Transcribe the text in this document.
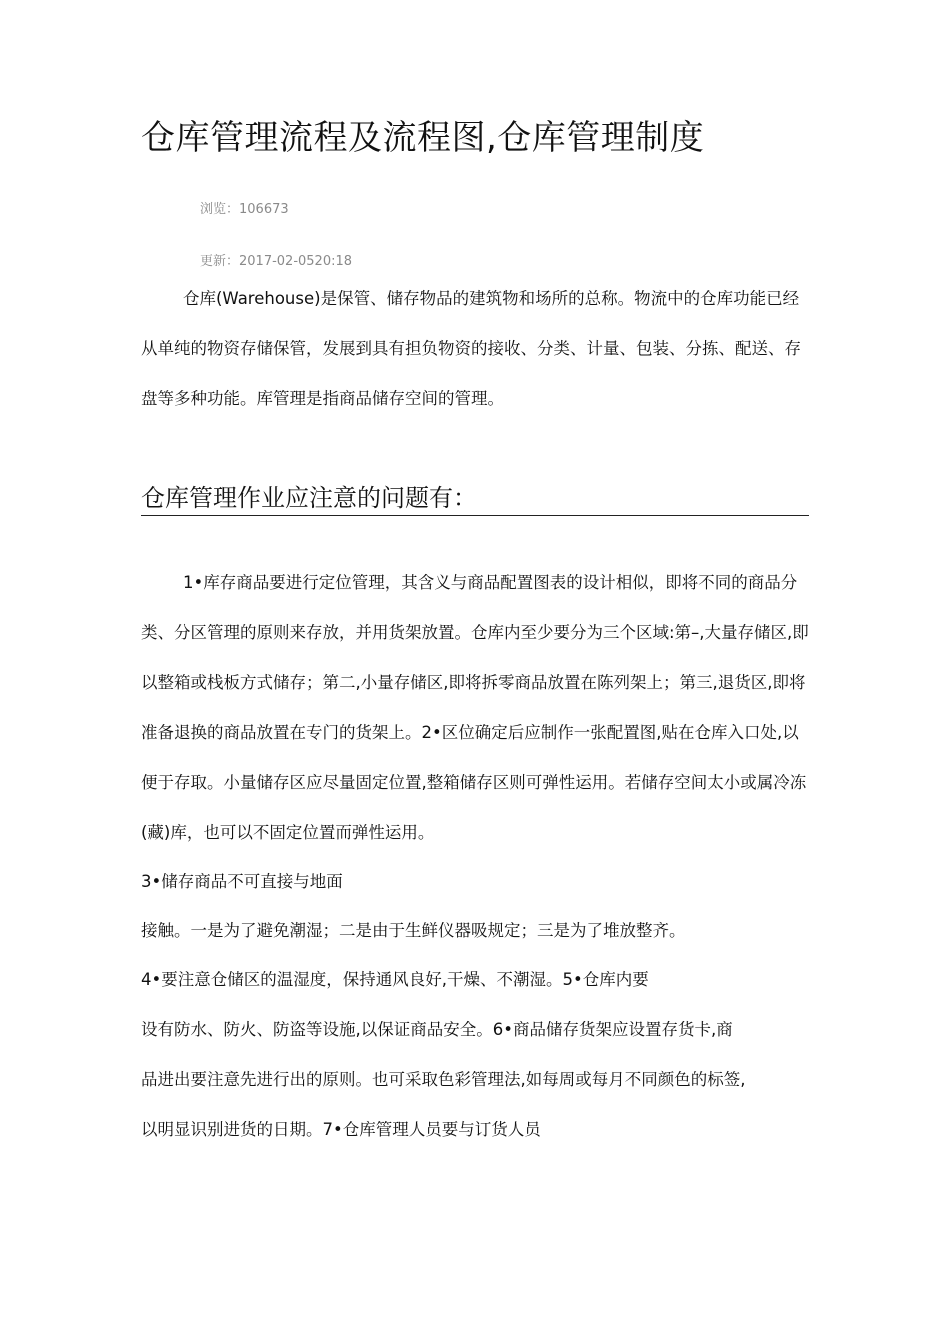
仓库管理流程及流程图,仓库管理制度
浏览：106673
更新：2017-02-0520:18

仓库(Warehouse)是保管、储存物品的建筑物和场所的总称。物流中的仓库功能已经从单纯的物资存储保管，发展到具有担负物资的接收、分类、计量、包装、分拣、配送、存盘等多种功能。库管理是指商品储存空间的管理。

仓库管理作业应注意的问题有：

1•库存商品要进行定位管理，其含义与商品配置图表的设计相似，即将不同的商品分类、分区管理的原则来存放，并用货架放置。仓库内至少要分为三个区域:第–,大量存储区,即以整箱或栈板方式储存；第二,小量存储区,即将拆零商品放置在陈列架上；第三,退货区,即将准备退换的商品放置在专门的货架上。2•区位确定后应制作一张配置图,贴在仓库入口处,以便于存取。小量储存区应尽量固定位置,整箱储存区则可弹性运用。若储存空间太小或属冷冻(藏)库，也可以不固定位置而弹性运用。

3•储存商品不可直接与地面

接触。一是为了避免潮湿；二是由于生鲜仪器吸规定；三是为了堆放整齐。

4•要注意仓储区的温湿度，保持通风良好,干燥、不潮湿。5•仓库内要

设有防水、防火、防盗等设施,以保证商品安全。6•商品储存货架应设置存货卡,商

品进出要注意先进行出的原则。也可采取色彩管理法,如每周或每月不同颜色的标签,

以明显识别进货的日期。7•仓库管理人员要与订货人员
